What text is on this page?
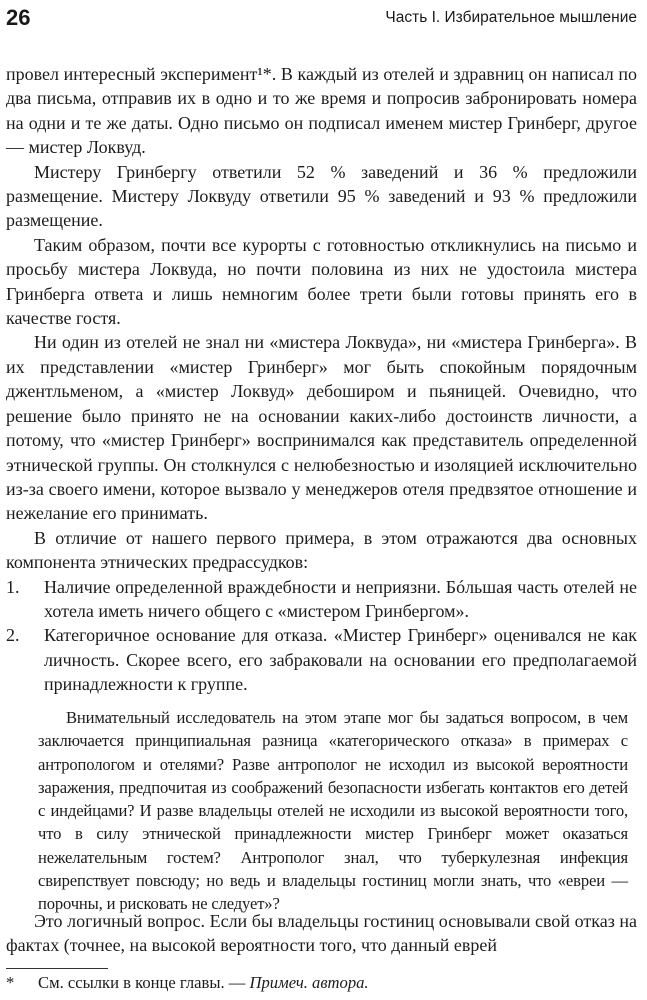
26	Часть I. Избирательное мышление

провел интересный эксперимент¹*. В каждый из отелей и здравниц он написал по два письма, отправив их в одно и то же время и попросив забронировать номера на одни и те же даты. Одно письмо он подписал именем мистер Гринберг, другое — мистер Локвуд.

Мистеру Гринбергу ответили 52 % заведений и 36 % предложили размещение. Мистеру Локвуду ответили 95 % заведений и 93 % предложили размещение.

Таким образом, почти все курорты с готовностью откликнулись на письмо и просьбу мистера Локвуда, но почти половина из них не удостоила мистера Гринберга ответа и лишь немногим более трети были готовы принять его в качестве гостя.

Ни один из отелей не знал ни «мистера Локвуда», ни «мистера Гринберга». В их представлении «мистер Гринберг» мог быть спокойным порядочным джентльменом, а «мистер Локвуд» дебоширом и пьяницей. Очевидно, что решение было принято не на основании каких-либо достоинств личности, а потому, что «мистер Гринберг» воспринимался как представитель определенной этнической группы. Он столкнулся с нелюбезностью и изоляцией исключительно из-за своего имени, которое вызвало у менеджеров отеля предвзятое отношение и нежелание его принимать.

В отличие от нашего первого примера, в этом отражаются два основных компонента этнических предрассудков:

1. Наличие определенной враждебности и неприязни. Бóльшая часть отелей не хотела иметь ничего общего с «мистером Гринбергом».
2. Категоричное основание для отказа. «Мистер Гринберг» оценивался не как личность. Скорее всего, его забраковали на основании его предполагаемой принадлежности к группе.

Внимательный исследователь на этом этапе мог бы задаться вопросом, в чем заключается принципиальная разница «категорического отказа» в примерах с антропологом и отелями? Разве антрополог не исходил из высокой вероятности заражения, предпочитая из соображений безопасности избегать контактов его детей с индейцами? И разве владельцы отелей не исходили из высокой вероятности того, что в силу этнической принадлежности мистер Гринберг может оказаться нежелательным гостем? Антрополог знал, что туберкулезная инфекция свирепствует повсюду; но ведь и владельцы гостиниц могли знать, что «евреи — порочны, и рисковать не следует»?

Это логичный вопрос. Если бы владельцы гостиниц основывали свой отказ на фактах (точнее, на высокой вероятности того, что данный еврей

* См. ссылки в конце главы. — Примеч. автора.
